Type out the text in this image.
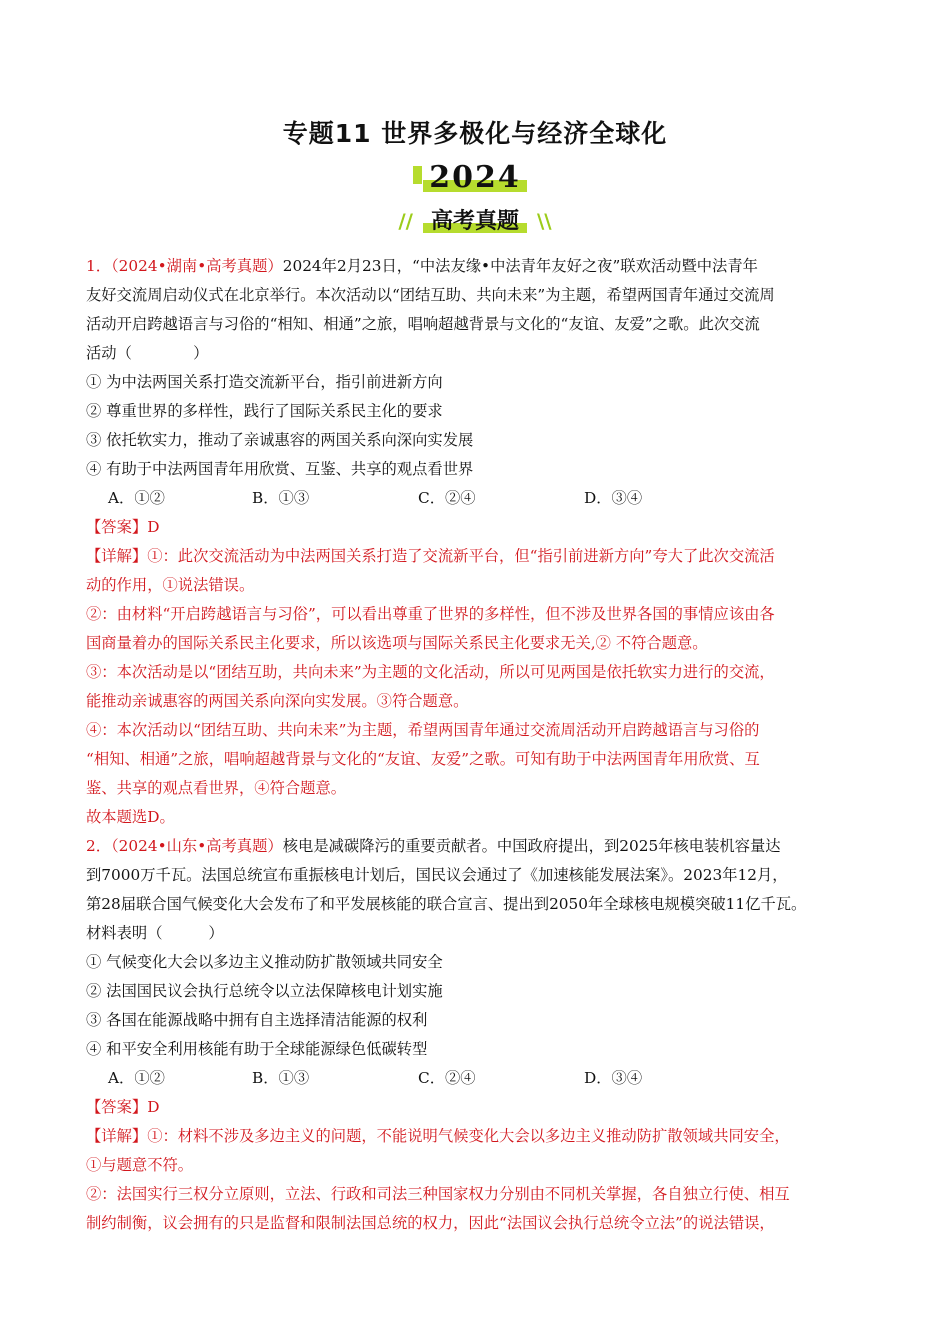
专题11 世界多极化与经济全球化
2024
// 高考真题 \\

1．（2024•湖南•高考真题）2024年2月23日，“中法友缘•中法青年友好之夜”联欢活动暨中法青年

友好交流周启动仪式在北京举行。本次活动以“团结互助、共向未来”为主题，希望两国青年通过交流周

活动开启跨越语言与习俗的“相知、相通”之旅，唱响超越背景与文化的“友谊、友爱”之歌。此次交流

活动（　　　　）

① 为中法两国关系打造交流新平台，指引前进新方向

② 尊重世界的多样性，践行了国际关系民主化的要求

③ 依托软实力，推动了亲诚惠容的两国关系向深向实发展

④ 有助于中法两国青年用欣赏、互鉴、共享的观点看世界

A．①②	B．①③	C．②④	D．③④

【答案】D

【详解】①：此次交流活动为中法两国关系打造了交流新平台，但“指引前进新方向”夸大了此次交流活

动的作用，①说法错误。

②：由材料“开启跨越语言与习俗”，可以看出尊重了世界的多样性，但不涉及世界各国的事情应该由各

国商量着办的国际关系民主化要求，所以该选项与国际关系民主化要求无关,② 不符合题意。

③：本次活动是以“团结互助，共向未来”为主题的文化活动，所以可见两国是依托软实力进行的交流，

能推动亲诚惠容的两国关系向深向实发展。③符合题意。

④：本次活动以“团结互助、共向未来”为主题，希望两国青年通过交流周活动开启跨越语言与习俗的

“相知、相通”之旅，唱响超越背景与文化的“友谊、友爱”之歌。可知有助于中法两国青年用欣赏、互

鉴、共享的观点看世界，④符合题意。

故本题选D。

2．（2024•山东•高考真题）核电是减碳降污的重要贡献者。中国政府提出，到2025年核电装机容量达

到7000万千瓦。法国总统宣布重振核电计划后，国民议会通过了《加速核能发展法案》。2023年12月，

第28届联合国气候变化大会发布了和平发展核能的联合宣言、提出到2050年全球核电规模突破11亿千瓦。

材料表明（　　　）

① 气候变化大会以多边主义推动防扩散领域共同安全

② 法国国民议会执行总统令以立法保障核电计划实施

③ 各国在能源战略中拥有自主选择清洁能源的权利

④ 和平安全利用核能有助于全球能源绿色低碳转型

A．①②	B．①③	C．②④	D．③④

【答案】D

【详解】①：材料不涉及多边主义的问题，不能说明气候变化大会以多边主义推动防扩散领域共同安全，

①与题意不符。

②：法国实行三权分立原则，立法、行政和司法三种国家权力分别由不同机关掌握，各自独立行使、相互

制约制衡，议会拥有的只是监督和限制法国总统的权力，因此“法国议会执行总统令立法”的说法错误，
